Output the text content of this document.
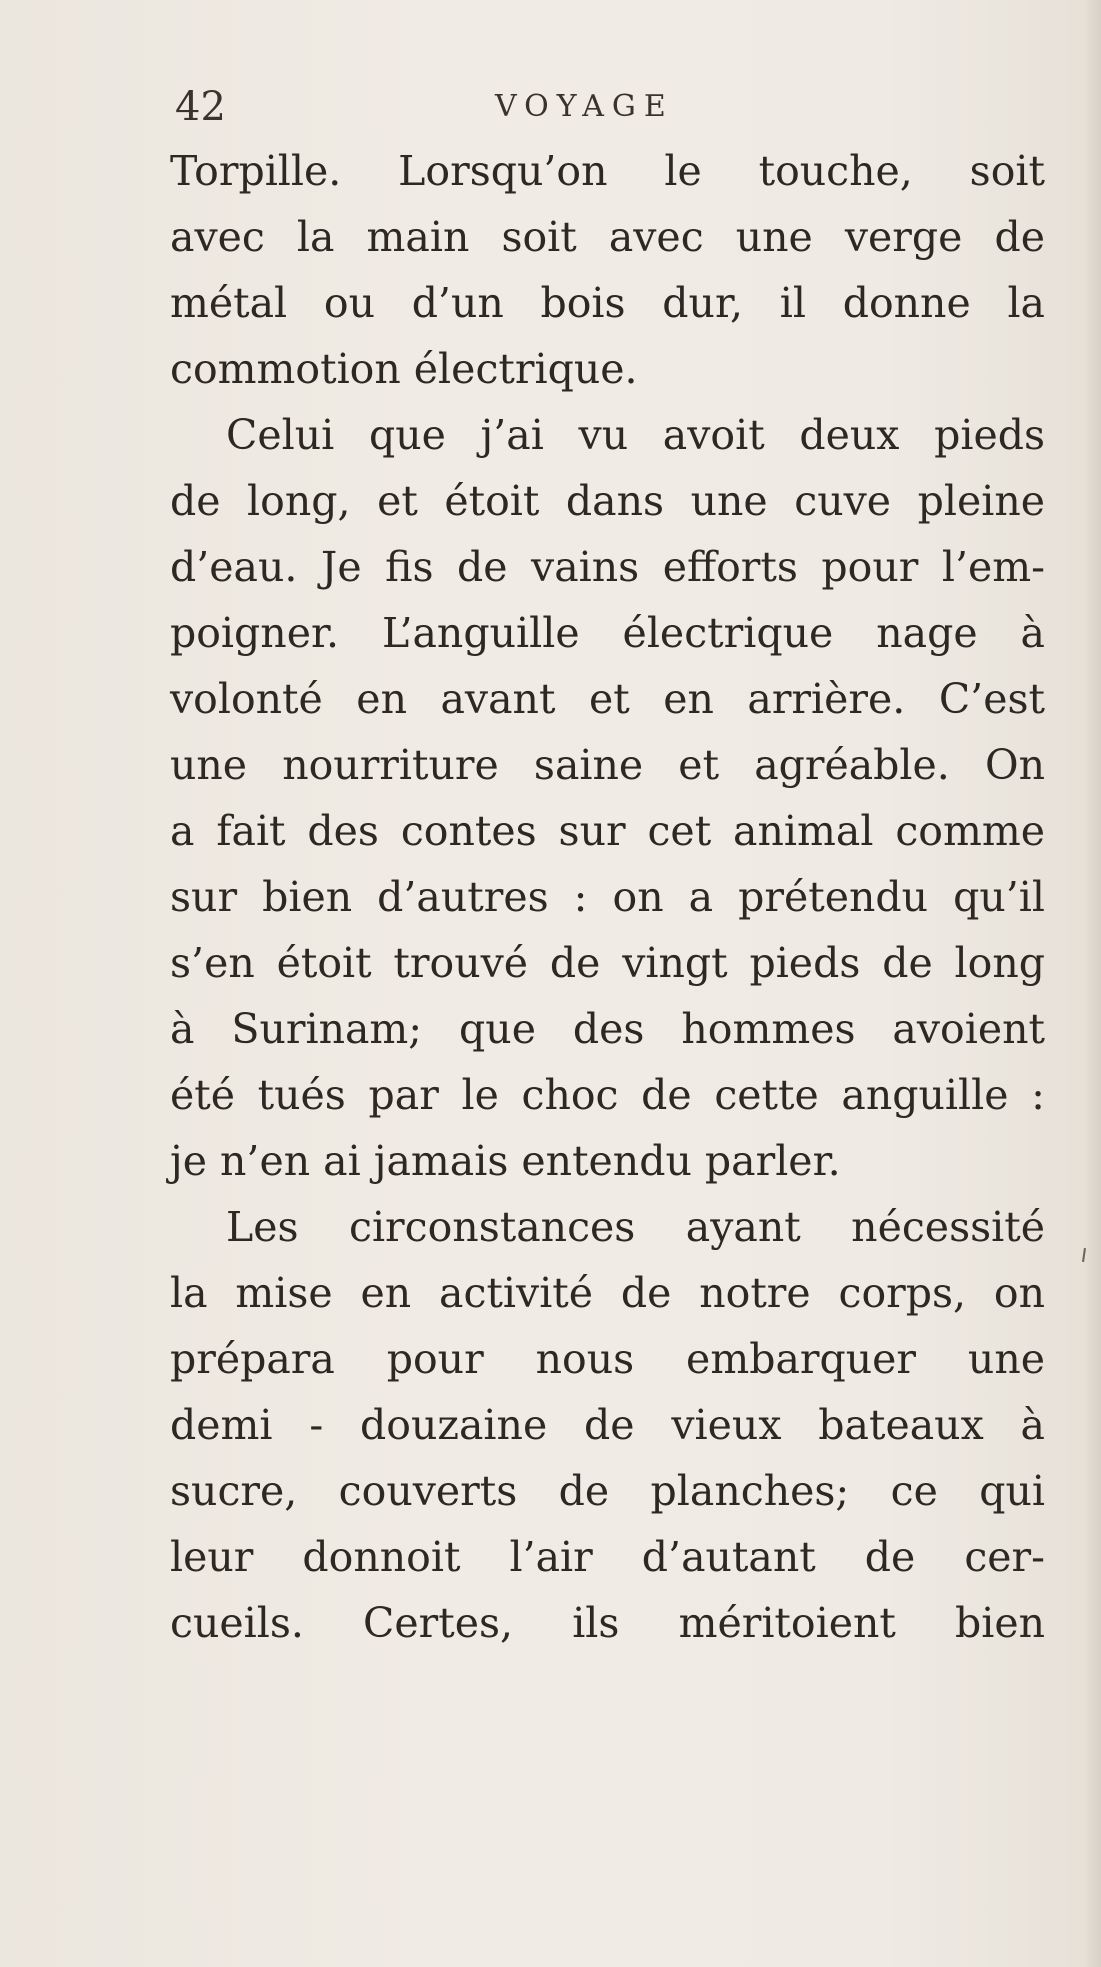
42	VOYAGE
Torpille. Lorsqu’on le touche, soit
avec la main soit avec une verge de
métal ou d’un bois dur, il donne la
commotion électrique.
Celui que j’ai vu avoit deux pieds
de long, et étoit dans une cuve pleine
d’eau. Je fis de vains efforts pour l’em-
poigner. L’anguille électrique nage à
volonté en avant et en arrière. C’est
une nourriture saine et agréable. On
a fait des contes sur cet animal comme
sur bien d’autres : on a prétendu qu’il
s’en étoit trouvé de vingt pieds de long
à Surinam; que des hommes avoient
été tués par le choc de cette anguille :
je n’en ai jamais entendu parler.
Les circonstances ayant nécessité
la mise en activité de notre corps, on
prépara pour nous embarquer une
demi - douzaine de vieux bateaux à
sucre, couverts de planches; ce qui
leur donnoit l’air d’autant de cer-
cueils. Certes, ils méritoient bien
